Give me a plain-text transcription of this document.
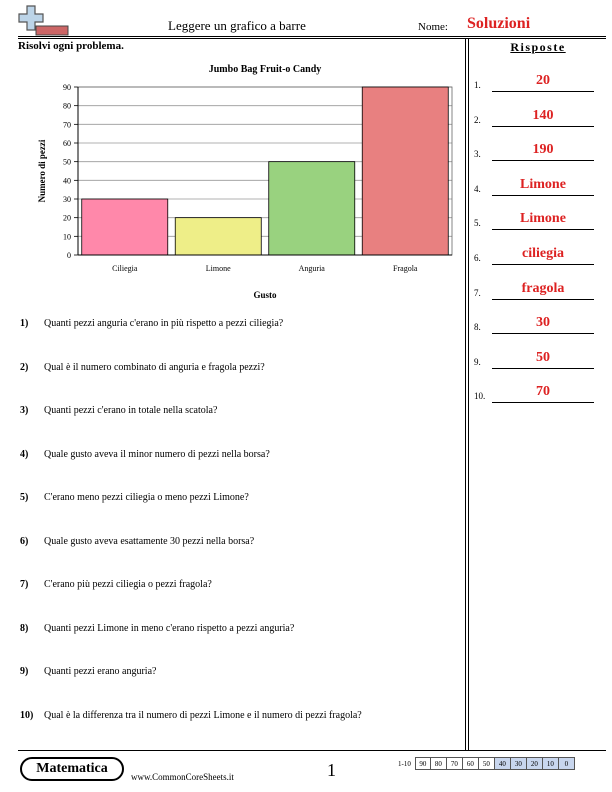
Leggere un grafico a barre	Nome: Soluzioni
Risolvi ogni problema.	Risposte
1.	20
2.	140
3.	190
4.	Limone
5.	Limone
6.	ciliegia
7.	fragola
8.	30
9.	50
10.	70
Jumbo Bag Fruit-o Candy
0
10
20
30
40
50
60
70
80
90
Ciliegia	Limone	Anguria	Fragola
Gusto
Numero di pezzi
1) Quanti pezzi anguria c'erano in più rispetto a pezzi ciliegia?
2) Qual è il numero combinato di anguria e fragola pezzi?
3) Quanti pezzi c'erano in totale nella scatola?
4) Quale gusto aveva il minor numero di pezzi nella borsa?
5) C'erano meno pezzi ciliegia o meno pezzi Limone?
6) Quale gusto aveva esattamente 30 pezzi nella borsa?
7) C'erano più pezzi ciliegia o pezzi fragola?
8) Quanti pezzi Limone in meno c'erano rispetto a pezzi anguria?
9) Quanti pezzi erano anguria?
10) Qual è la differenza tra il numero di pezzi Limone e il numero di pezzi fragola?
Matematica
www.CommonCoreSheets.it	1	1-10	90	80	70	60	50	40	30	20	10	0
